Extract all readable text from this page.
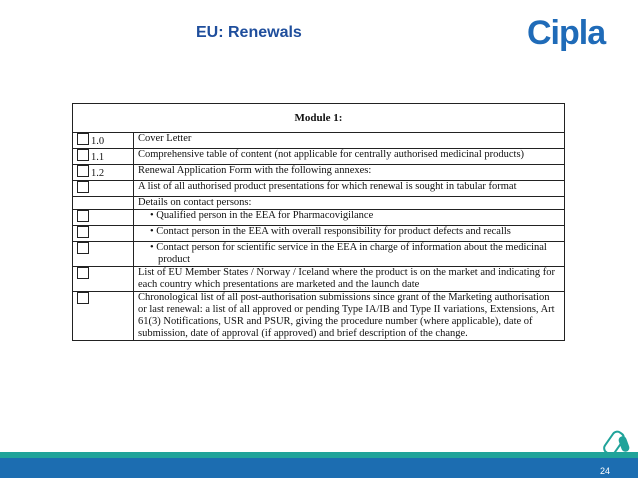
EU: Renewals	Cipla
Module 1:	
1.0	Cover Letter
1.1	Comprehensive table of content (not applicable for centrally authorised medicinal products)
1.2	Renewal Application Form with the following annexes:
	A list of all authorised product presentations for which renewal is sought in tabular format
	Details on contact persons:

	• Qualified person in the EEA for Pharmacovigilance

	• Contact person in the EEA with overall responsibility for product defects and recalls

	• Contact person for scientific service in the EEA in charge of information about the medicinal product

	List of EU Member States / Norway / Iceland where the product is on the market and indicating for each country which presentations are marketed and the launch date
	Chronological list of all post-authorisation submissions since grant of the Marketing authorisation or last renewal: a list of all approved or pending Type IA/IB and Type II variations, Extensions, Art 61(3) Notifications, USR and PSUR, giving the procedure number (where applicable), date of submission, date of approval (if approved) and brief description of the change.
24
